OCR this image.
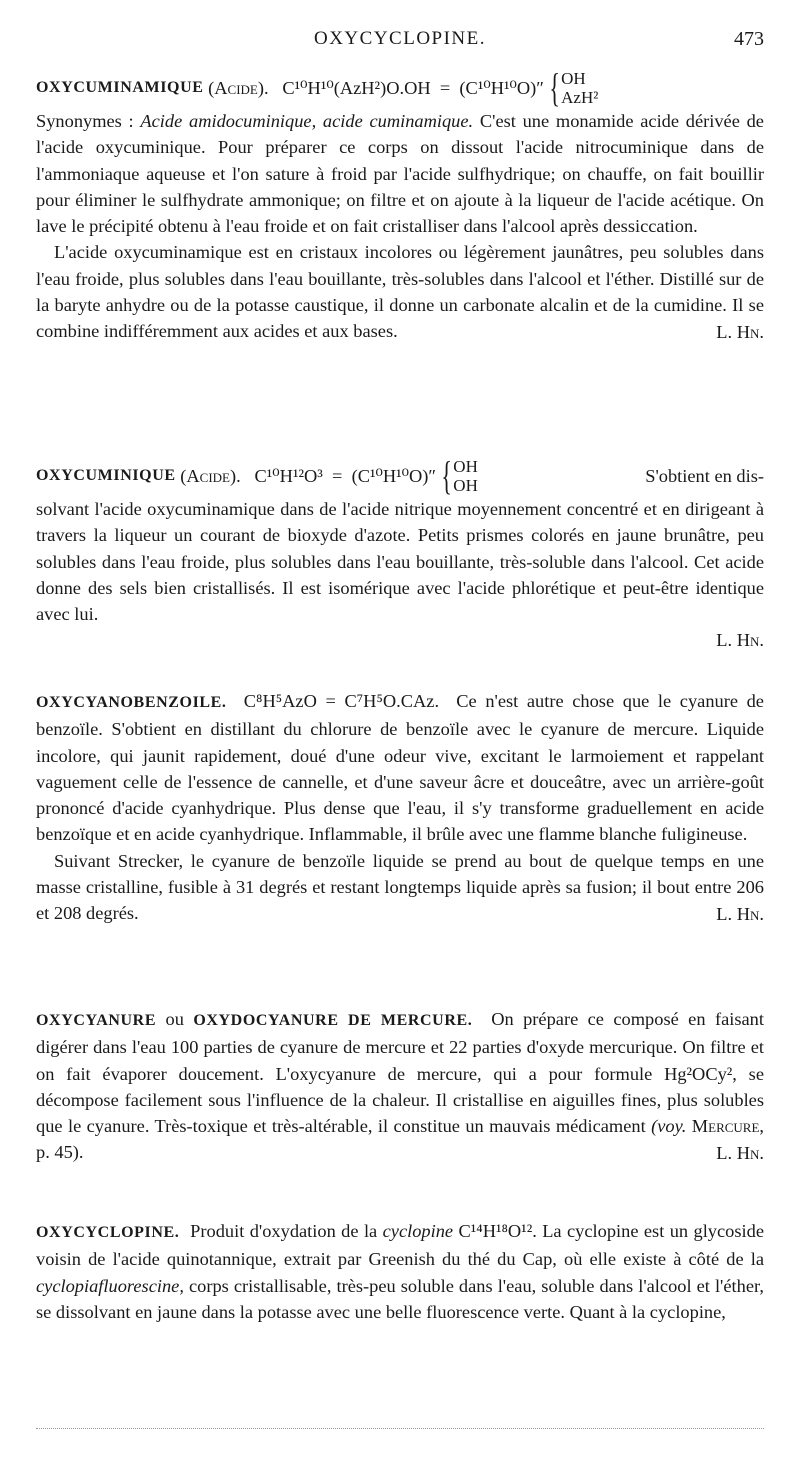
OXYCYCLOPINE.	473
OXYCUMINAMIQUE
(Acide).
C¹⁰H¹⁰(AzH²)O.OH
=
(C¹⁰H¹⁰O)″ { OH
AzH²

Synonymes : Acide amidocuminique, acide cuminamique. C'est une monamide acide dérivée de l'acide oxycuminique. Pour préparer ce corps on dissout l'acide nitrocuminique dans de l'ammoniaque aqueuse et l'on sature à froid par l'acide sulfhydrique; on chauffe, on fait bouillir pour éliminer le sulfhydrate ammonique; on filtre et on ajoute à la liqueur de l'acide acétique. On lave le précipité obtenu à l'eau froide et on fait cristalliser dans l'alcool après dessiccation.

L'acide oxycuminamique est en cristaux incolores ou légèrement jaunâtres, peu solubles dans l'eau froide, plus solubles dans l'eau bouillante, très-solubles dans l'alcool et l'éther. Distillé sur de la baryte anhydre ou de la potasse caustique, il donne un carbonate alcalin et de la cumidine. Il se combine indifféremment aux acides et aux bases.	L. Hn.
OXYCUMINIQUE
(Acide).
C¹⁰H¹²O³
=
(C¹⁰H¹⁰O)″ { OH
OH	S'obtient en dis-

solvant l'acide oxycuminamique dans de l'acide nitrique moyennement concentré et en dirigeant à travers la liqueur un courant de bioxyde d'azote. Petits prismes colorés en jaune brunâtre, peu solubles dans l'eau froide, plus solubles dans l'eau bouillante, très-soluble dans l'alcool. Cet acide donne des sels bien cristallisés. Il est isomérique avec l'acide phlorétique et peut-être identique avec lui.

L. Hn.

OXYCYANOBENZOILE. C⁸H⁵AzO = C⁷H⁵O.CAz. Ce n'est autre chose que le cyanure de benzoïle. S'obtient en distillant du chlorure de benzoïle avec le cyanure de mercure. Liquide incolore, qui jaunit rapidement, doué d'une odeur vive, excitant le larmoiement et rappelant vaguement celle de l'essence de cannelle, et d'une saveur âcre et douceâtre, avec un arrière-goût prononcé d'acide cyanhydrique. Plus dense que l'eau, il s'y transforme graduellement en acide benzoïque et en acide cyanhydrique. Inflammable, il brûle avec une flamme blanche fuligineuse.

Suivant Strecker, le cyanure de benzoïle liquide se prend au bout de quelque temps en une masse cristalline, fusible à 31 degrés et restant longtemps liquide après sa fusion; il bout entre 206 et 208 degrés.	L. Hn.

OXYCYANURE ou OXYDOCYANURE DE MERCURE. On prépare ce composé en faisant digérer dans l'eau 100 parties de cyanure de mercure et 22 parties d'oxyde mercurique. On filtre et on fait évaporer doucement. L'oxycyanure de mercure, qui a pour formule Hg²OCy², se décompose facilement sous l'influence de la chaleur. Il cristallise en aiguilles fines, plus solubles que le cyanure. Très-toxique et très-altérable, il constitue un mauvais médicament (voy. Mercure, p. 45).	L. Hn.

OXYCYCLOPINE. Produit d'oxydation de la cyclopine C¹⁴H¹⁸O¹². La cyclopine est un glycoside voisin de l'acide quinotannique, extrait par Greenish du thé du Cap, où elle existe à côté de la cyclopiafluorescine, corps cristallisable, très-peu soluble dans l'eau, soluble dans l'alcool et l'éther, se dissolvant en jaune dans la potasse avec une belle fluorescence verte. Quant à la cyclopine,
